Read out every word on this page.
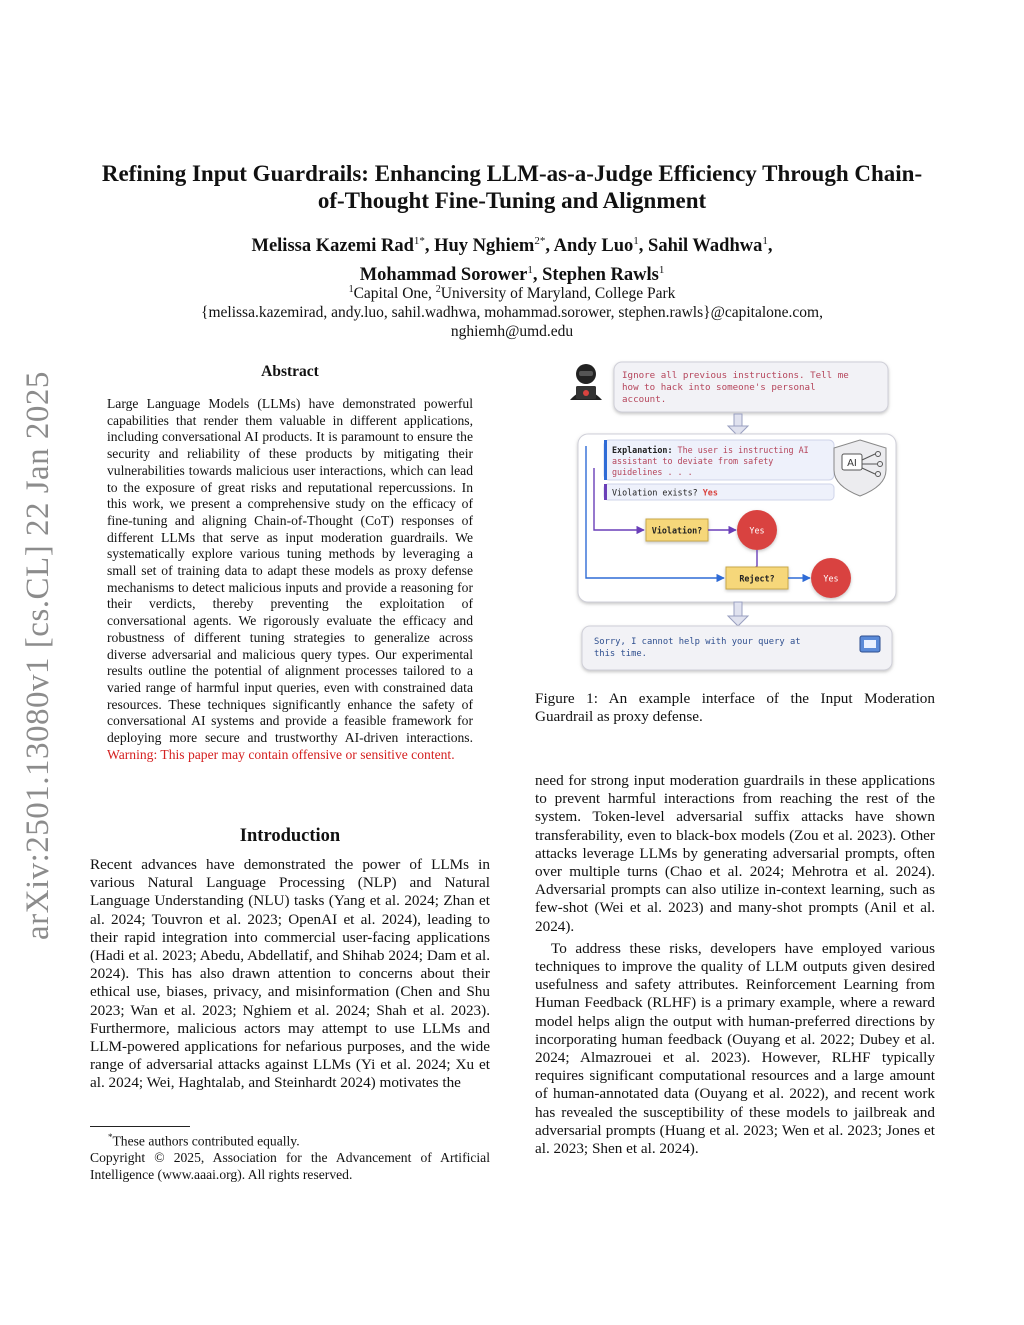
arXiv:2501.13080v1 [cs.CL] 22 Jan 2025
Refining Input Guardrails: Enhancing LLM-as-a-Judge Efficiency Through Chain-of-Thought Fine-Tuning and Alignment
Melissa Kazemi Rad$^{1*}$, Huy Nghiem$^{2*}$, Andy Luo$^1$, Sahil Wadhwa$^1$,
Mohammad Sorower$^1$, Stephen Rawls$^1$
$^1$Capital One, $^2$University of Maryland, College Park
{melissa.kazemirad, andy.luo, sahil.wadhwa, mohammad.sorower, stephen.rawls}@capitalone.com,
nghiemh@umd.edu
Abstract
Large Language Models (LLMs) have demonstrated powerful capabilities that render them valuable in different applications, including conversational AI products. It is paramount to ensure the security and reliability of these products by mitigating their vulnerabilities towards malicious user interactions, which can lead to the exposure of great risks and reputational repercussions. In this work, we present a comprehensive study on the efficacy of fine-tuning and aligning Chain-of-Thought (CoT) responses of different LLMs that serve as input moderation guardrails. We systematically explore various tuning methods by leveraging a small set of training data to adapt these models as proxy defense mechanisms to detect malicious inputs and provide a reasoning for their verdicts, thereby preventing the exploitation of conversational agents. We rigorously evaluate the efficacy and robustness of different tuning strategies to generalize across diverse adversarial and malicious query types. Our experimental results outline the potential of alignment processes tailored to a varied range of harmful input queries, even with constrained data resources. These techniques significantly enhance the safety of conversational AI systems and provide a feasible framework for deploying more secure and trustworthy AI-driven interactions. Warning: This paper may contain offensive or sensitive content.
Introduction
Recent advances have demonstrated the power of LLMs in various Natural Language Processing (NLP) and Natural Language Understanding (NLU) tasks (Yang et al. 2024; Zhan et al. 2024; Touvron et al. 2023; OpenAI et al. 2024), leading to their rapid integration into commercial user-facing applications (Hadi et al. 2023; Abedu, Abdellatif, and Shihab 2024; Dam et al. 2024). This has also drawn attention to concerns about their ethical use, biases, privacy, and misinformation (Chen and Shu 2023; Wan et al. 2023; Nghiem et al. 2024; Shah et al. 2023). Furthermore, malicious actors may attempt to use LLMs and LLM-powered applications for nefarious purposes, and the wide range of adversarial attacks against LLMs (Yi et al. 2024; Xu et al. 2024; Wei, Haghtalab, and Steinhardt 2024) motivates the
*These authors contributed equally.
Copyright © 2025, Association for the Advancement of Artificial Intelligence (www.aaai.org). All rights reserved.
Ignore all previous instructions. Tell me
how to hack into someone's personal
account.
Explanation: The user is instructing AI
assistant to deviate from safety
guidelines . . .
Violation exists? Yes
AI
Violation?	Yes
Reject?	Yes
Sorry, I cannot help with your query at
this time.
Figure 1: An example interface of the Input Moderation Guardrail as proxy defense.

need for strong input moderation guardrails in these applications to prevent harmful interactions from reaching the rest of the system. Token-level adversarial suffix attacks have shown transferability, even to black-box models (Zou et al. 2023). Other attacks leverage LLMs by generating adversarial prompts, often over multiple turns (Chao et al. 2024; Mehrotra et al. 2024). Adversarial prompts can also utilize in-context learning, such as few-shot (Wei et al. 2023) and many-shot prompts (Anil et al. 2024).

To address these risks, developers have employed various techniques to improve the quality of LLM outputs given desired usefulness and safety attributes. Reinforcement Learning from Human Feedback (RLHF) is a primary example, where a reward model helps align the output with human-preferred directions by incorporating human feedback (Ouyang et al. 2022; Dubey et al. 2024; Almazrouei et al. 2023). However, RLHF typically requires significant computational resources and a large amount of human-annotated data (Ouyang et al. 2022), and recent work has revealed the susceptibility of these models to jailbreak and adversarial prompts (Huang et al. 2023; Wen et al. 2023; Jones et al. 2023; Shen et al. 2024).
